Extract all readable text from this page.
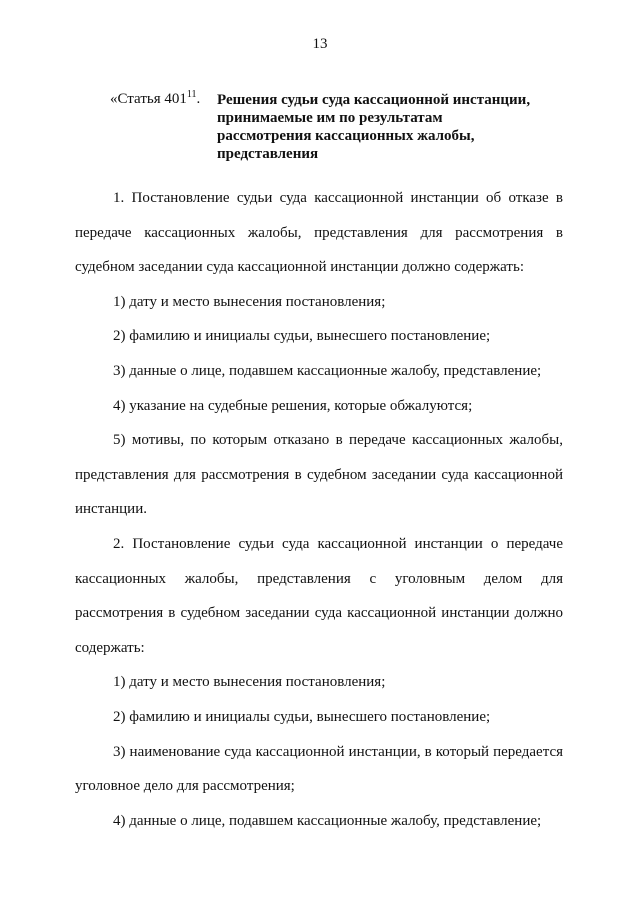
13
«Статья $401^{11}$. Решения судьи суда кассационной инстанции, принимаемые им по результатам рассмотрения кассационных жалобы, представления

1. Постановление судьи суда кассационной инстанции об отказе в передаче кассационных жалобы, представления для рассмотрения в судебном заседании суда кассационной инстанции должно содержать:

1) дату и место вынесения постановления;

2) фамилию и инициалы судьи, вынесшего постановление;

3) данные о лице, подавшем кассационные жалобу, представление;

4) указание на судебные решения, которые обжалуются;

5) мотивы, по которым отказано в передаче кассационных жалобы, представления для рассмотрения в судебном заседании суда кассационной инстанции.

2. Постановление судьи суда кассационной инстанции о передаче кассационных жалобы, представления с уголовным делом для рассмотрения в судебном заседании суда кассационной инстанции должно содержать:

1) дату и место вынесения постановления;

2) фамилию и инициалы судьи, вынесшего постановление;

3) наименование суда кассационной инстанции, в который передается уголовное дело для рассмотрения;

4) данные о лице, подавшем кассационные жалобу, представление;
